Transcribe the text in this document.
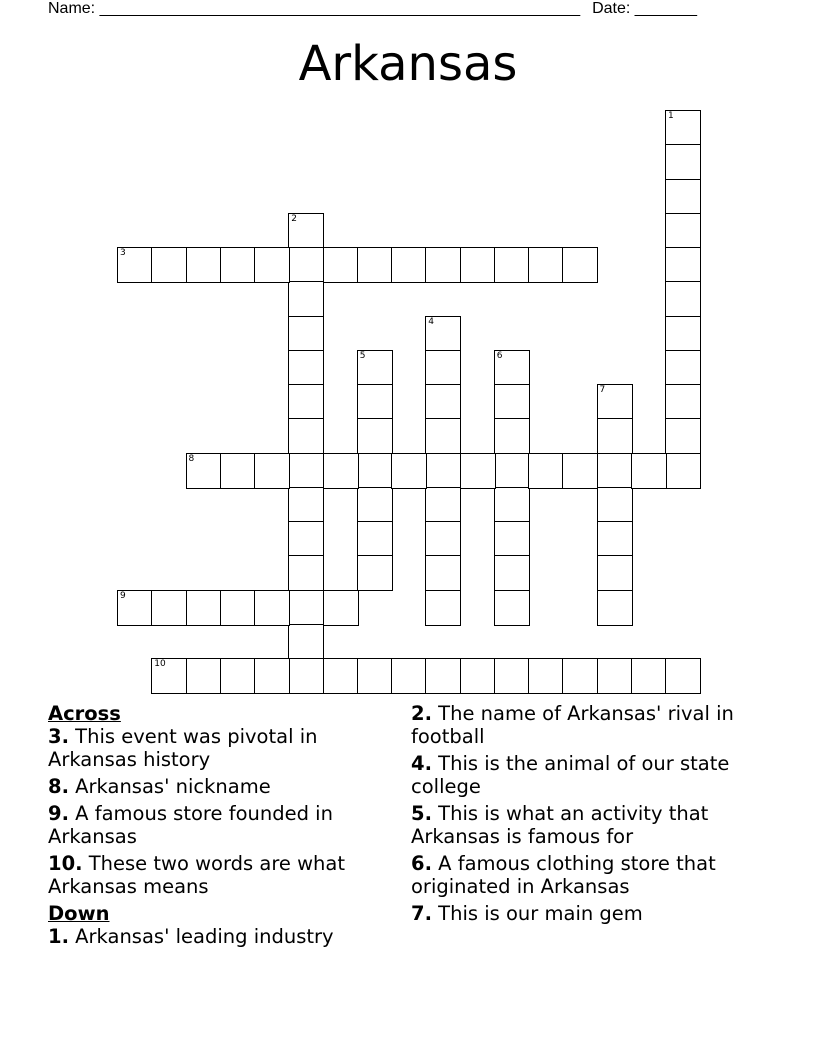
Name: ______________________________________________________ Date: _______
Arkansas
1
2
3
4
5	6
7
8
9
10
Across
3. This event was pivotal in Arkansas history
8. Arkansas' nickname
9. A famous store founded in Arkansas
10. These two words are what Arkansas means
Down
1. Arkansas' leading industry
2. The name of Arkansas' rival in football
4. This is the animal of our state college
5. This is what an activity that Arkansas is famous for
6. A famous clothing store that originated in Arkansas
7. This is our main gem
